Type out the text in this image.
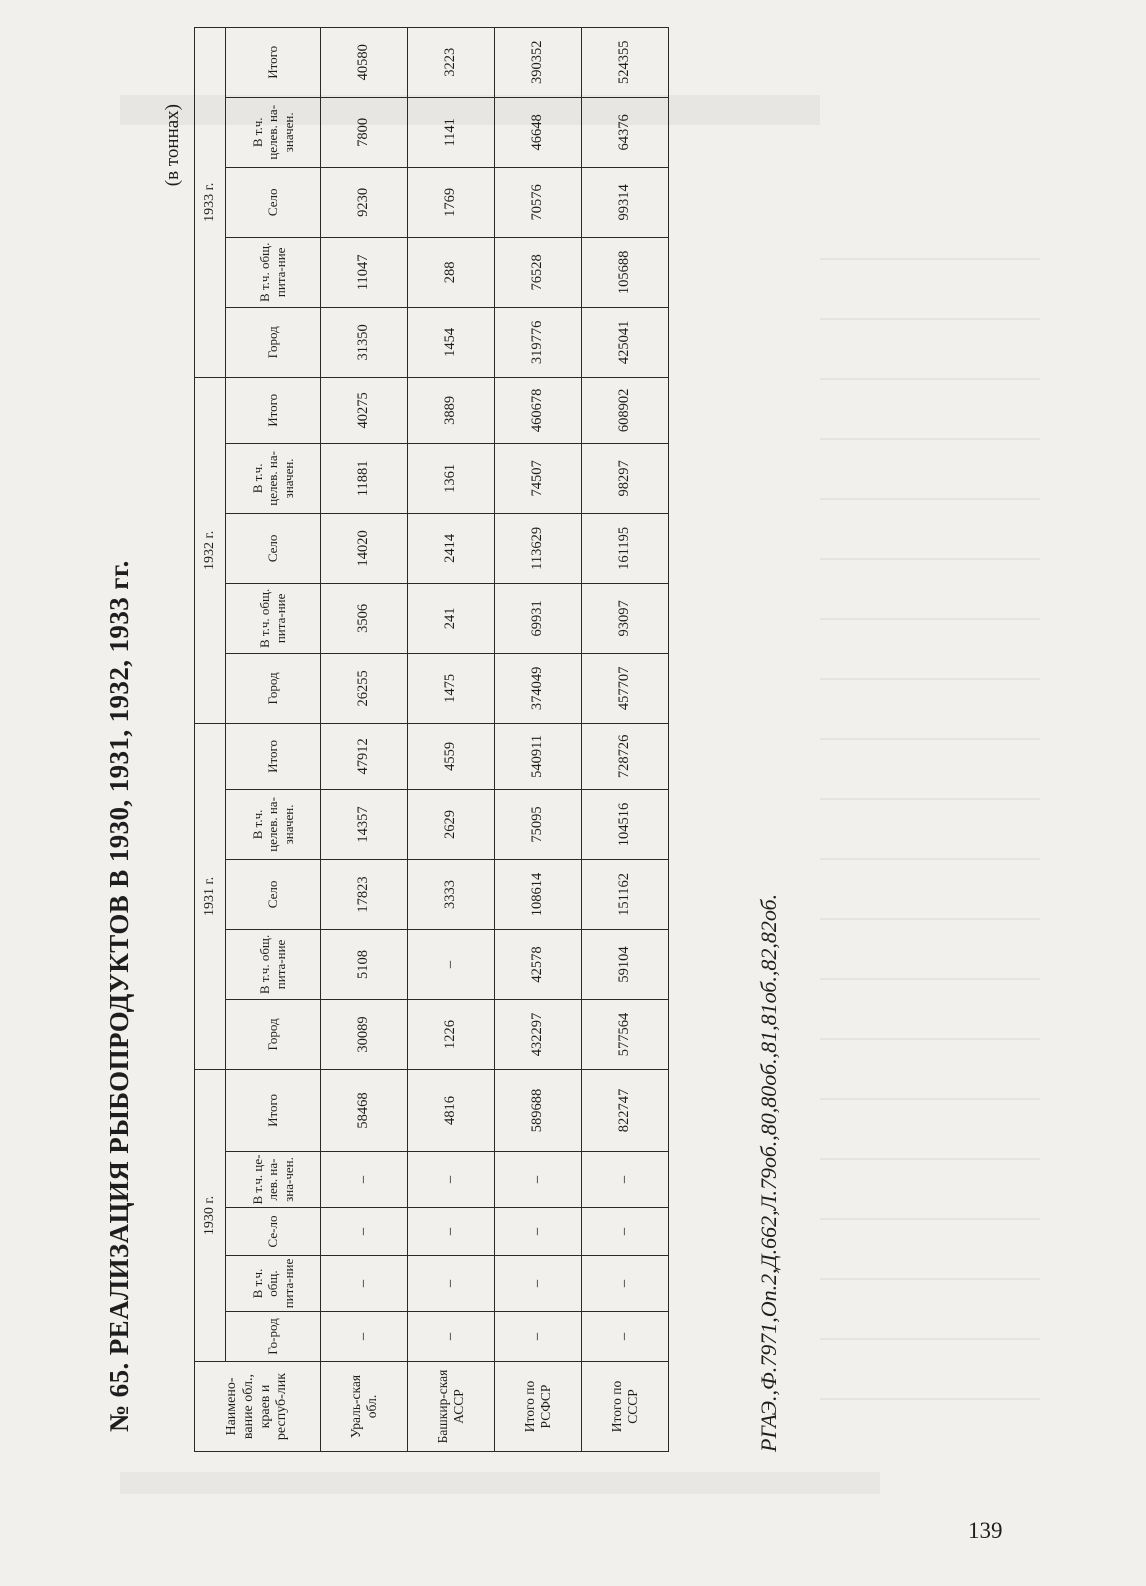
№ 65. РЕАЛИЗАЦИЯ РЫБОПРОДУКТОВ В 1930, 1931, 1932, 1933 гг.
(в тоннах)
Наимено-вание обл., краев и респуб-лик	1930 г.					1931 г.					1932 г.					1933 г.				
	Го-род	В т.ч. общ. пита-ние	Се-ло	В т.ч. це-лев. на-зна-чен.	Итого	Город	В т.ч. общ. пита-ние	Село	В т.ч. целев. на-значен.	Итого	Город	В т.ч. общ. пита-ние	Село	В т.ч. целев. на-значен.	Итого	Город	В т.ч. общ. пита-ние	Село	В т.ч. целев. на-значен.	Итого
Ураль-ская обл.	–	–	–	–	58468	30089	5108	17823	14357	47912	26255	3506	14020	11881	40275	31350	11047	9230	7800	40580
Башкир-ская АССР	–	–	–	–	4816	1226	–	3333	2629	4559	1475	241	2414	1361	3889	1454	288	1769	1141	3223
Итого по РСФСР	–	–	–	–	589688	432297	42578	108614	75095	540911	374049	69931	113629	74507	460678	319776	76528	70576	46648	390352
Итого по СССР	–	–	–	–	822747	577564	59104	151162	104516	728726	457707	93097	161195	98297	608902	425041	105688	99314	64376	524355
РГАЭ.,Ф.7971,Оп.2,Д.662,Л.79об.,80,80об.,81,81об.,82,82об.
139
